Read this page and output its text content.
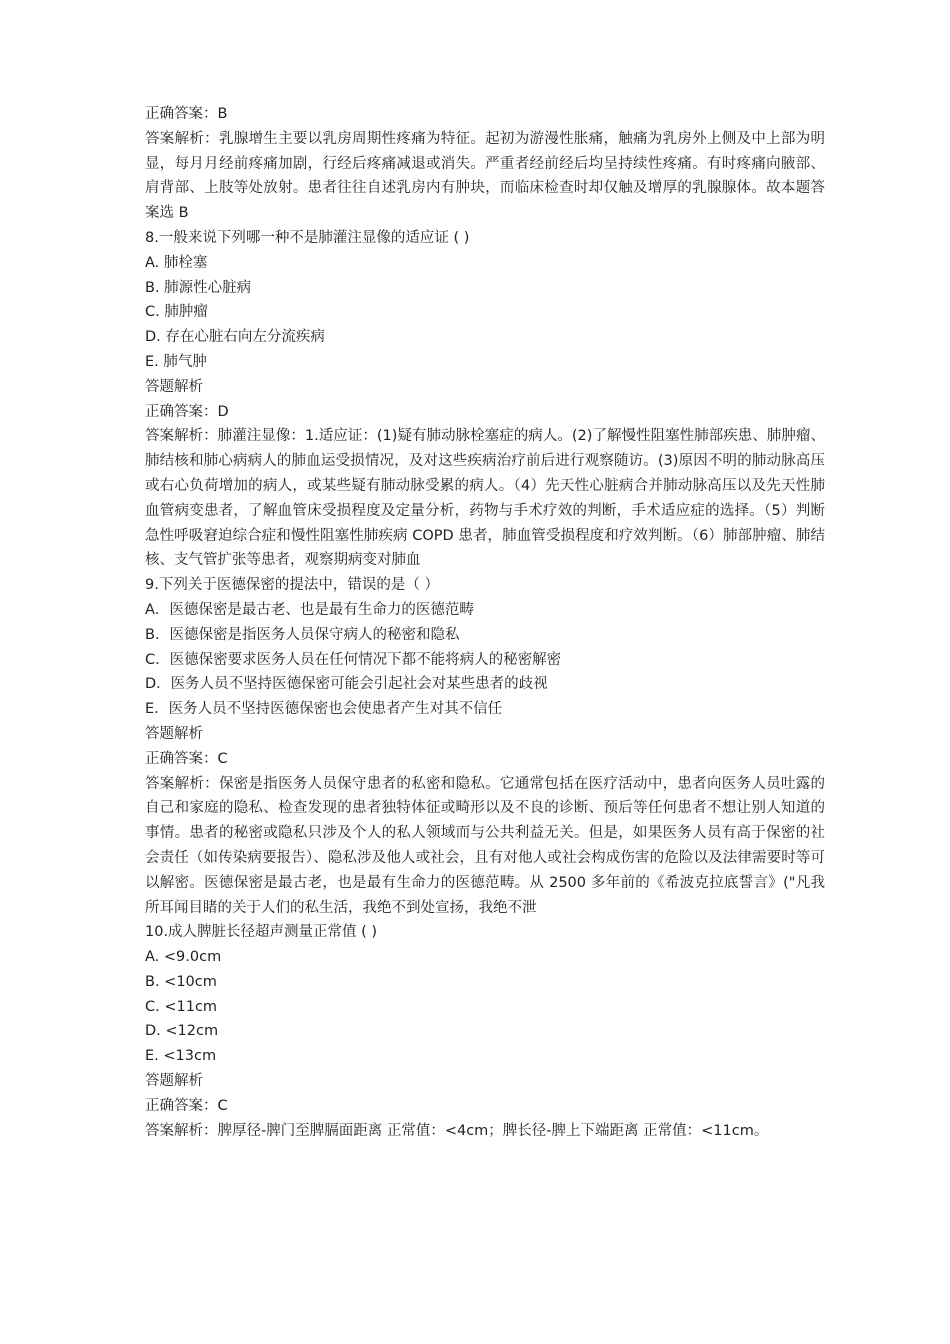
正确答案：B
答案解析：乳腺增生主要以乳房周期性疼痛为特征。起初为游漫性胀痛，触痛为乳房外上侧及中上部为明显，每月月经前疼痛加剧，行经后疼痛减退或消失。严重者经前经后均呈持续性疼痛。有时疼痛向腋部、肩背部、上肢等处放射。患者往往自述乳房内有肿块，而临床检查时却仅触及增厚的乳腺腺体。故本题答案选 B
8.一般来说下列哪一种不是肺灌注显像的适应证 ( )
A. 肺栓塞
B. 肺源性心脏病
C. 肺肿瘤
D. 存在心脏右向左分流疾病
E. 肺气肿
答题解析
正确答案：D
答案解析：肺灌注显像：1.适应证：(1)疑有肺动脉栓塞症的病人。(2)了解慢性阻塞性肺部疾患、肺肿瘤、肺结核和肺心病病人的肺血运受损情况，及对这些疾病治疗前后进行观察随访。(3)原因不明的肺动脉高压或右心负荷增加的病人，或某些疑有肺动脉受累的病人。（4）先天性心脏病合并肺动脉高压以及先天性肺血管病变患者，了解血管床受损程度及定量分析，药物与手术疗效的判断，手术适应症的选择。（5）判断急性呼吸窘迫综合症和慢性阻塞性肺疾病 COPD 患者，肺血管受损程度和疗效判断。（6）肺部肿瘤、肺结核、支气管扩张等患者，观察期病变对肺血
9.下列关于医德保密的提法中，错误的是（ ）
A．医德保密是最古老、也是最有生命力的医德范畴
B．医德保密是指医务人员保守病人的秘密和隐私
C．医德保密要求医务人员在任何情况下都不能将病人的秘密解密
D．医务人员不坚持医德保密可能会引起社会对某些患者的歧视
E．医务人员不坚持医德保密也会使患者产生对其不信任
答题解析
正确答案：C
答案解析：保密是指医务人员保守患者的私密和隐私。它通常包括在医疗活动中，患者向医务人员吐露的自己和家庭的隐私、检查发现的患者独特体征或畸形以及不良的诊断、预后等任何患者不想让别人知道的事情。患者的秘密或隐私只涉及个人的私人领域而与公共利益无关。但是，如果医务人员有高于保密的社会责任（如传染病要报告）、隐私涉及他人或社会，且有对他人或社会构成伤害的危险以及法律需要时等可以解密。医德保密是最古老，也是最有生命力的医德范畴。从 2500 多年前的《希波克拉底誓言》("凡我所耳闻目睹的关于人们的私生活，我绝不到处宣扬，我绝不泄
10.成人脾脏长径超声测量正常值 ( )
A. <9.0cm
B. <10cm
C. <11cm
D. <12cm
E. <13cm
答题解析
正确答案：C
答案解析：脾厚径-脾门至脾膈面距离 正常值：<4cm；脾长径-脾上下端距离 正常值：<11cm。
